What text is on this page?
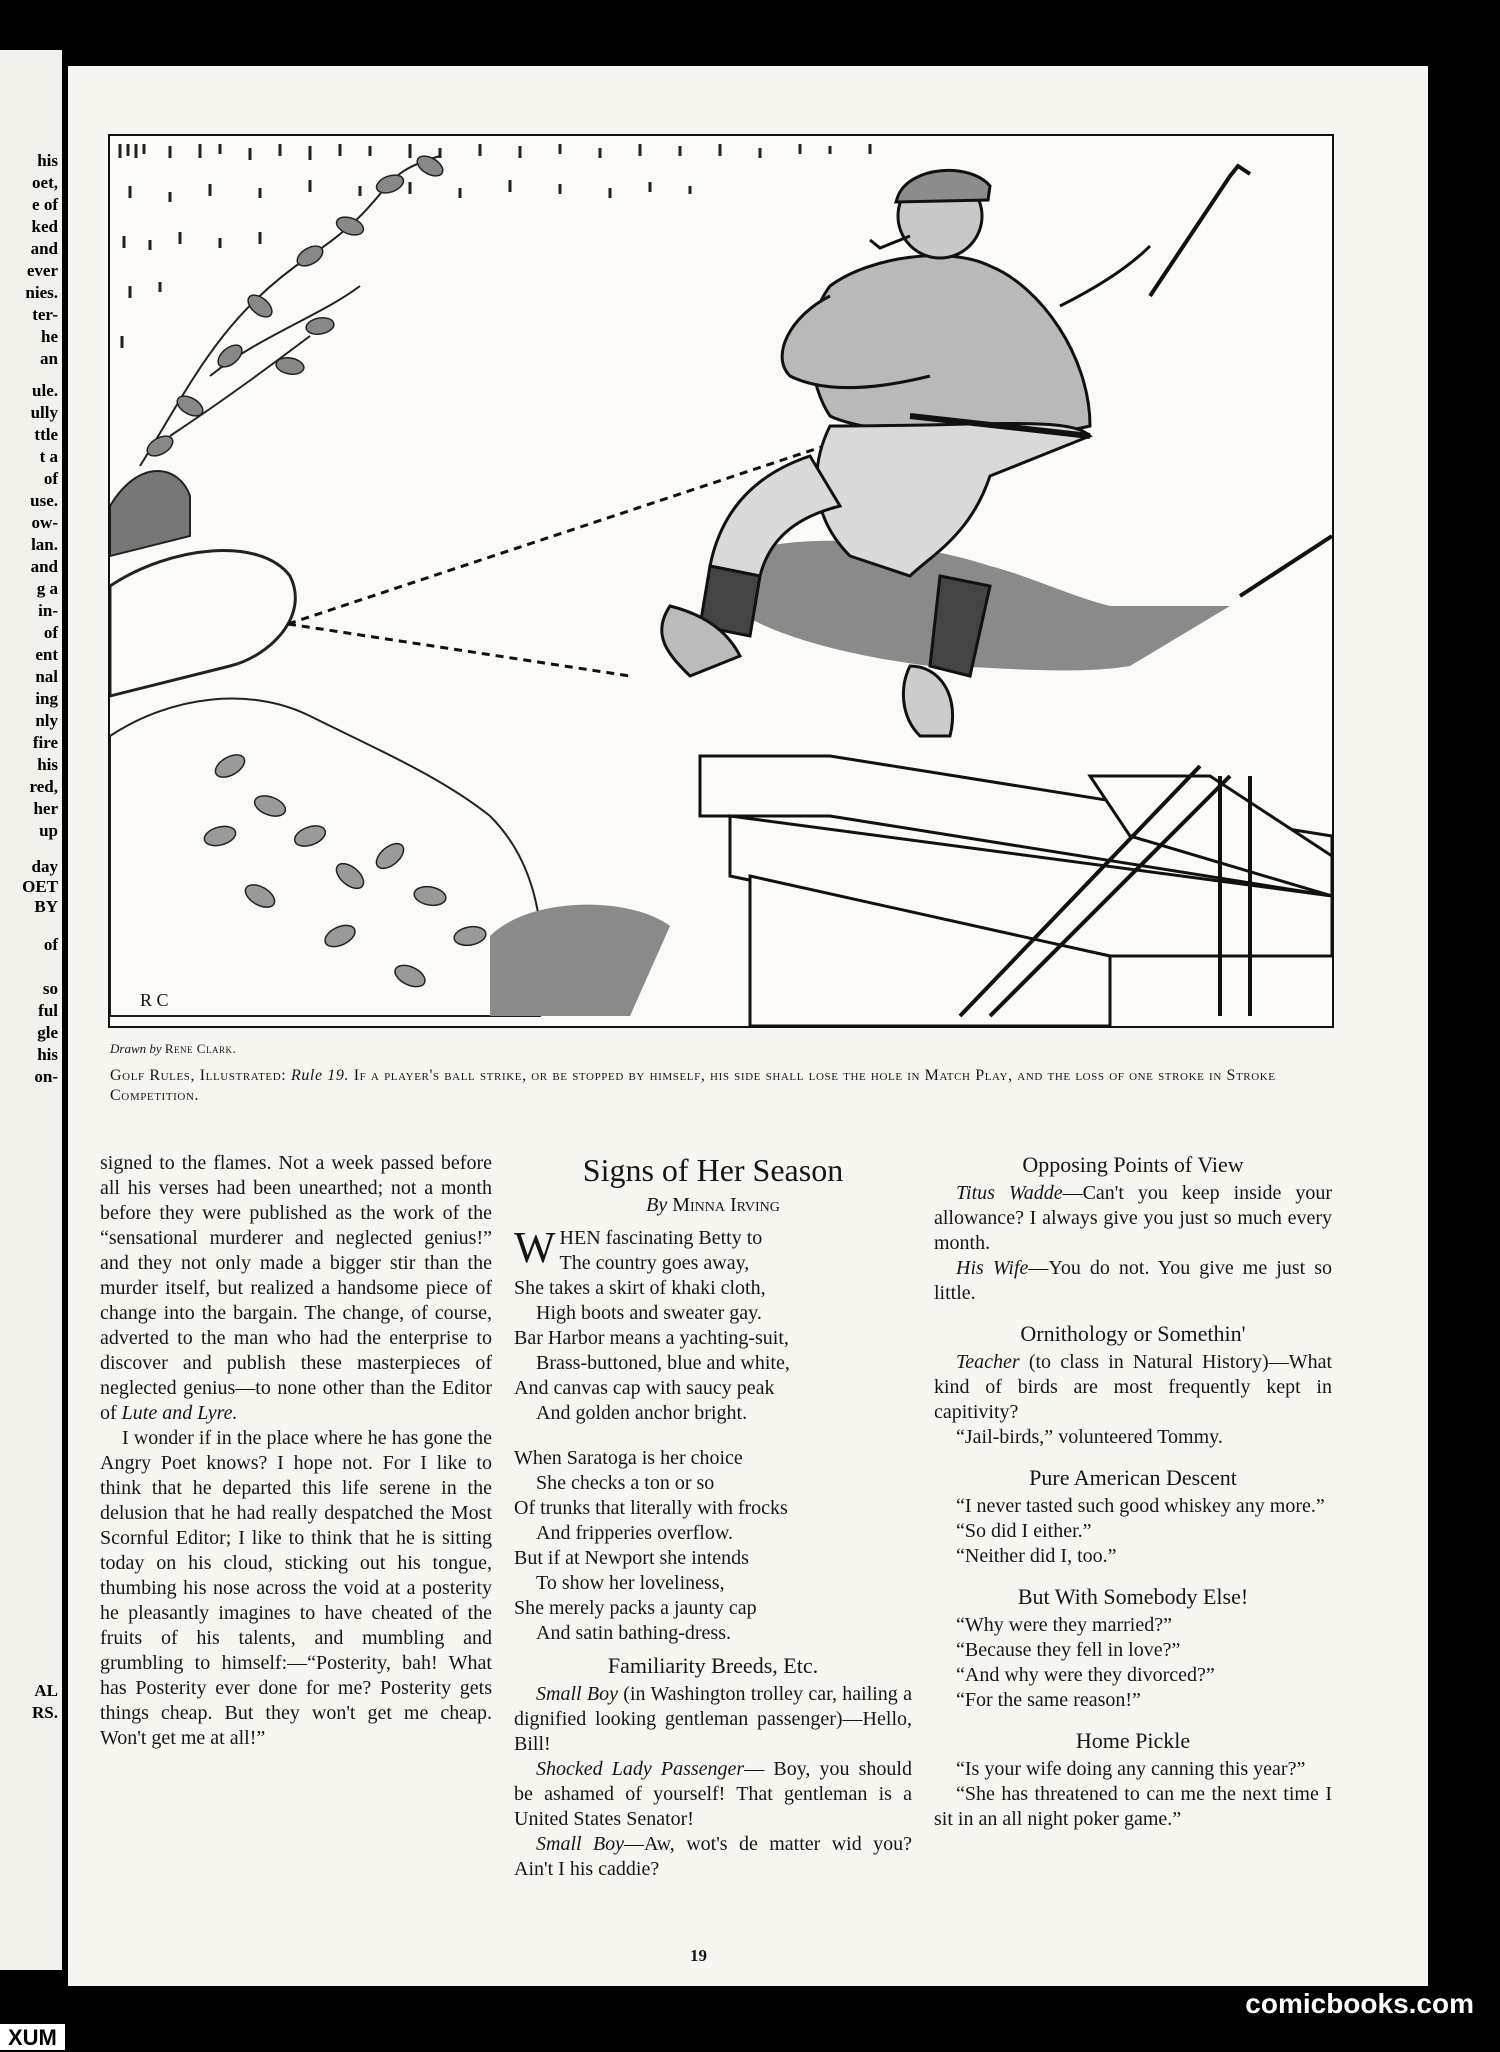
his
oet,
e of
ked
and
ever
nies.
ter-
he
an
ule.
ully
ttle
t a
of
use.
ow-
lan.
and
g a
in-
of
ent
nal
ing
nly
fire
his
red,
her
up
day
OET
BY
of
so
ful
gle
his
on-
AL
RS.
R C
Drawn by Rene Clark.
Golf Rules, Illustrated: Rule 19. If a player's ball strike, or be stopped by himself, his side shall lose the hole in Match Play, and the loss of one stroke in Stroke Competition.

signed to the flames. Not a week passed before all his verses had been unearthed; not a month before they were published as the work of the “sensational murderer and neglected genius!” and they not only made a bigger stir than the murder itself, but realized a handsome piece of change into the bargain. The change, of course, adverted to the man who had the enterprise to discover and publish these masterpieces of neglected genius—to none other than the Editor of Lute and Lyre.

I wonder if in the place where he has gone the Angry Poet knows? I hope not. For I like to think that he departed this life serene in the delusion that he had really despatched the Most Scornful Editor; I like to think that he is sitting today on his cloud, sticking out his tongue, thumbing his nose across the void at a posterity he pleasantly imagines to have cheated of the fruits of his talents, and mumbling and grumbling to himself:—“Posterity, bah! What has Posterity ever done for me? Posterity gets things cheap. But they won't get me cheap. Won't get me at all!”

Signs of Her Season
By Minna Irving
W HEN fascinating Betty to
The country goes away,
She takes a skirt of khaki cloth,
High boots and sweater gay.
Bar Harbor means a yachting-suit,
Brass-buttoned, blue and white,
And canvas cap with saucy peak
And golden anchor bright.
When Saratoga is her choice
She checks a ton or so
Of trunks that literally with frocks
And fripperies overflow.
But if at Newport she intends
To show her loveliness,
She merely packs a jaunty cap
And satin bathing-dress.
Familiarity Breeds, Etc.

Small Boy (in Washington trolley car, hailing a dignified looking gentleman passenger)—Hello, Bill!

Shocked Lady Passenger— Boy, you should be ashamed of yourself! That gentleman is a United States Senator!

Small Boy—Aw, wot's de matter wid you? Ain't I his caddie?

Opposing Points of View

Titus Wadde—Can't you keep inside your allowance? I always give you just so much every month.

His Wife—You do not. You give me just so little.

Ornithology or Somethin'

Teacher (to class in Natural History)—What kind of birds are most frequently kept in capitivity?

“Jail-birds,” volunteered Tommy.

Pure American Descent

“I never tasted such good whiskey any more.”

“So did I either.”

“Neither did I, too.”

But With Somebody Else!

“Why were they married?”

“Because they fell in love?”

“And why were they divorced?”

“For the same reason!”

Home Pickle

“Is your wife doing any canning this year?”

“She has threatened to can me the next time I sit in an all night poker game.”

19
comicbooks.com
XUM
